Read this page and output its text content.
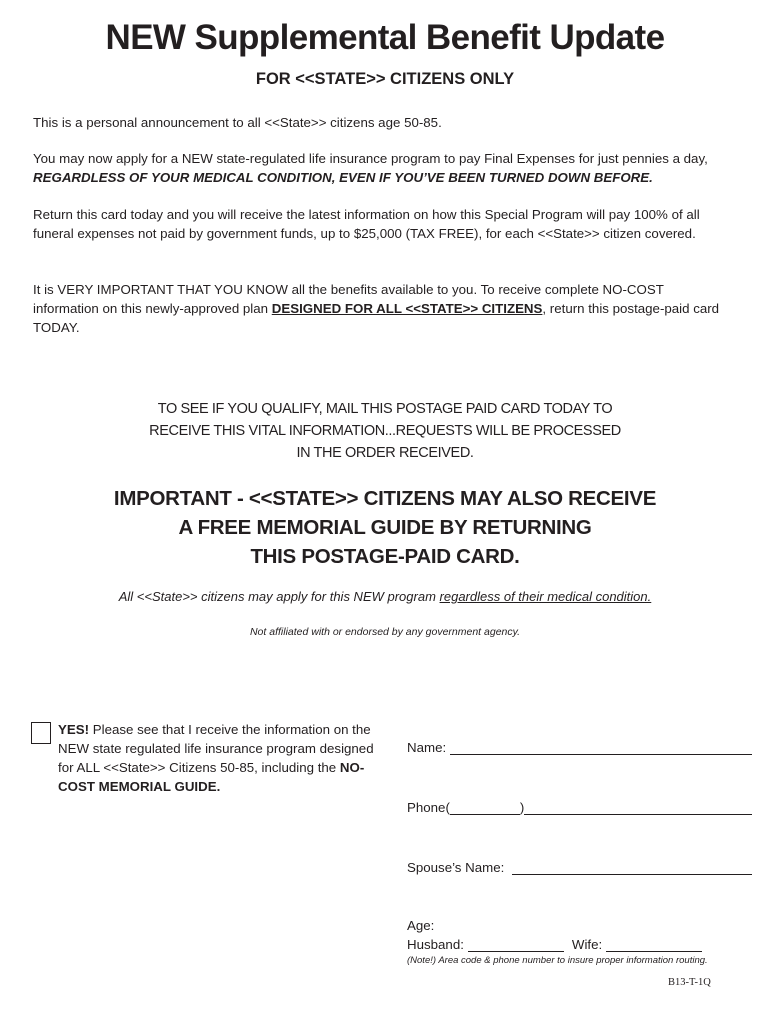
NEW Supplemental Benefit Update
FOR <<STATE>> CITIZENS ONLY

This is a personal announcement to all <<State>> citizens age 50-85.

You may now apply for a NEW state-regulated life insurance program to pay Final Expenses for just pennies a day, REGARDLESS OF YOUR MEDICAL CONDITION, EVEN IF YOU’VE BEEN TURNED DOWN BEFORE.

Return this card today and you will receive the latest information on how this Special Program will pay 100% of all funeral expenses not paid by government funds, up to $25,000 (TAX FREE), for each <<State>> citizen covered.

It is VERY IMPORTANT THAT YOU KNOW all the benefits available to you. To receive complete NO-COST information on this newly-approved plan DESIGNED FOR ALL <<STATE>> CITIZENS, return this postage-paid card TODAY.

TO SEE IF YOU QUALIFY, MAIL THIS POSTAGE PAID CARD TODAY TO
RECEIVE THIS VITAL INFORMATION...REQUESTS WILL BE PROCESSED
IN THE ORDER RECEIVED.
IMPORTANT - <<STATE>> CITIZENS MAY ALSO RECEIVE
A FREE MEMORIAL GUIDE BY RETURNING
THIS POSTAGE-PAID CARD.

All <<State>> citizens may apply for this NEW program regardless of their medical condition.

Not affiliated with or endorsed by any government agency.

YES! Please see that I receive the information on the NEW state regulated life insurance program designed for ALL <<State>> Citizens 50-85, including the NO-COST MEMORIAL GUIDE.

Name:
Phone(	)
Spouse’s Name:

Age:

Husband:	Wife:

(Note!) Area code & phone number to insure proper information routing.

B13-T-1Q
